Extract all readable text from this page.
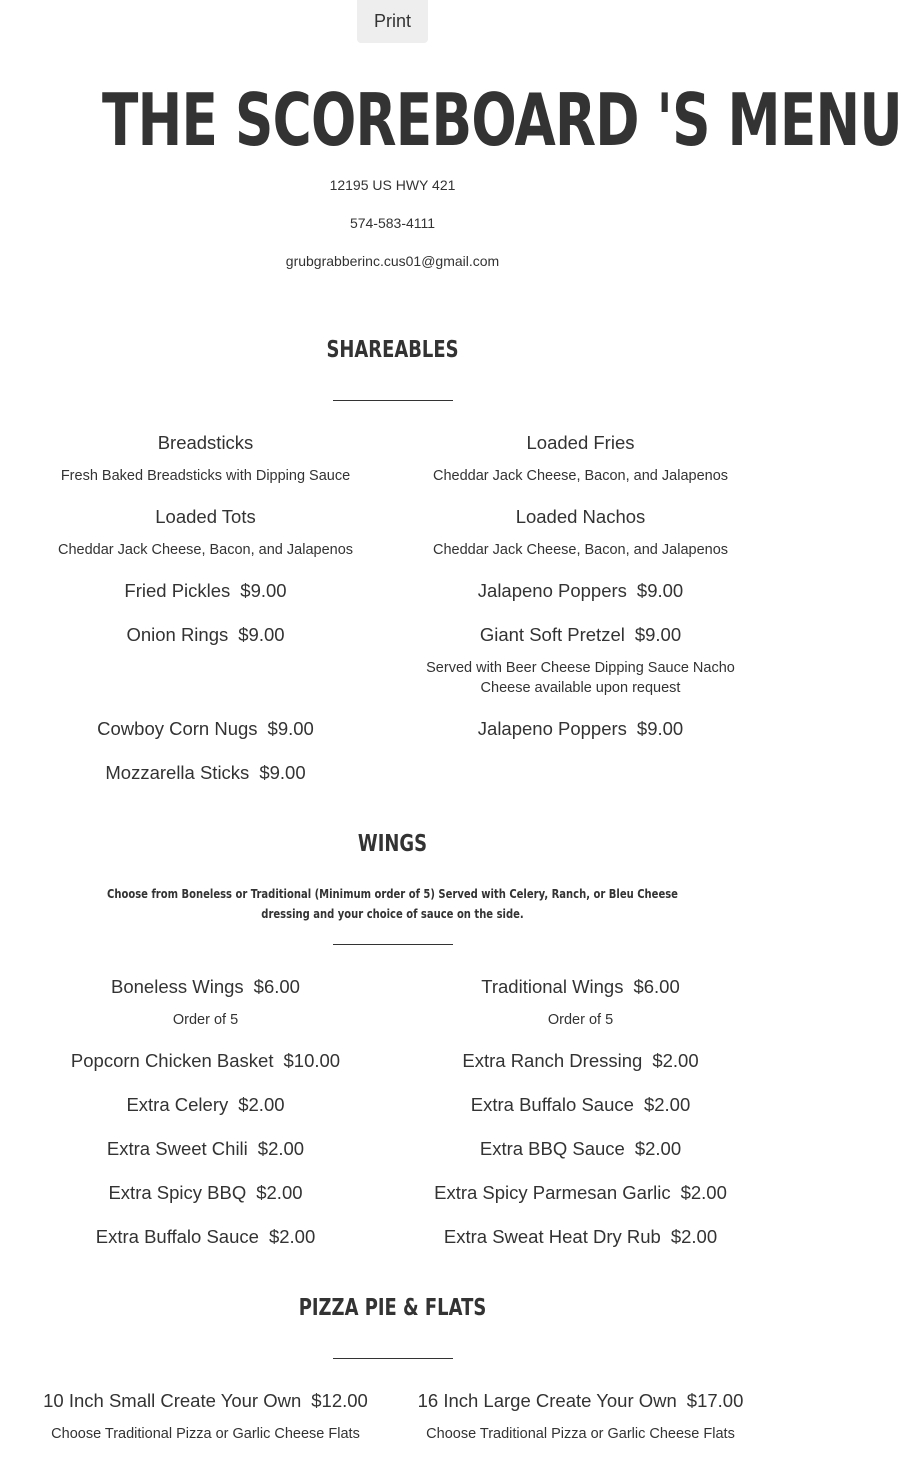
Print
THE SCOREBOARD 'S MENU
12195 US HWY 421
574-583-4111
grubgrabberinc.cus01@gmail.com
SHAREABLES
Breadsticks
Fresh Baked Breadsticks with Dipping Sauce
Loaded Fries
Cheddar Jack Cheese, Bacon, and Jalapenos
Loaded Tots
Cheddar Jack Cheese, Bacon, and Jalapenos
Loaded Nachos
Cheddar Jack Cheese, Bacon, and Jalapenos
Fried Pickles $9.00	Jalapeno Poppers $9.00
Onion Rings $9.00	Giant Soft Pretzel $9.00
Served with Beer Cheese Dipping Sauce Nacho Cheese available upon request
Cowboy Corn Nugs $9.00	Jalapeno Poppers $9.00
Mozzarella Sticks $9.00
WINGS
Choose from Boneless or Traditional (Minimum order of 5) Served with Celery, Ranch, or Bleu Cheese dressing and your choice of sauce on the side.
Boneless Wings $6.00
Order of 5
Traditional Wings $6.00
Order of 5
Popcorn Chicken Basket $10.00	Extra Ranch Dressing $2.00
Extra Celery $2.00	Extra Buffalo Sauce $2.00
Extra Sweet Chili $2.00	Extra BBQ Sauce $2.00
Extra Spicy BBQ $2.00	Extra Spicy Parmesan Garlic $2.00
Extra Buffalo Sauce $2.00	Extra Sweat Heat Dry Rub $2.00
PIZZA PIE & FLATS
10 Inch Small Create Your Own $12.00
Choose Traditional Pizza or Garlic Cheese Flats
16 Inch Large Create Your Own $17.00
Choose Traditional Pizza or Garlic Cheese Flats
